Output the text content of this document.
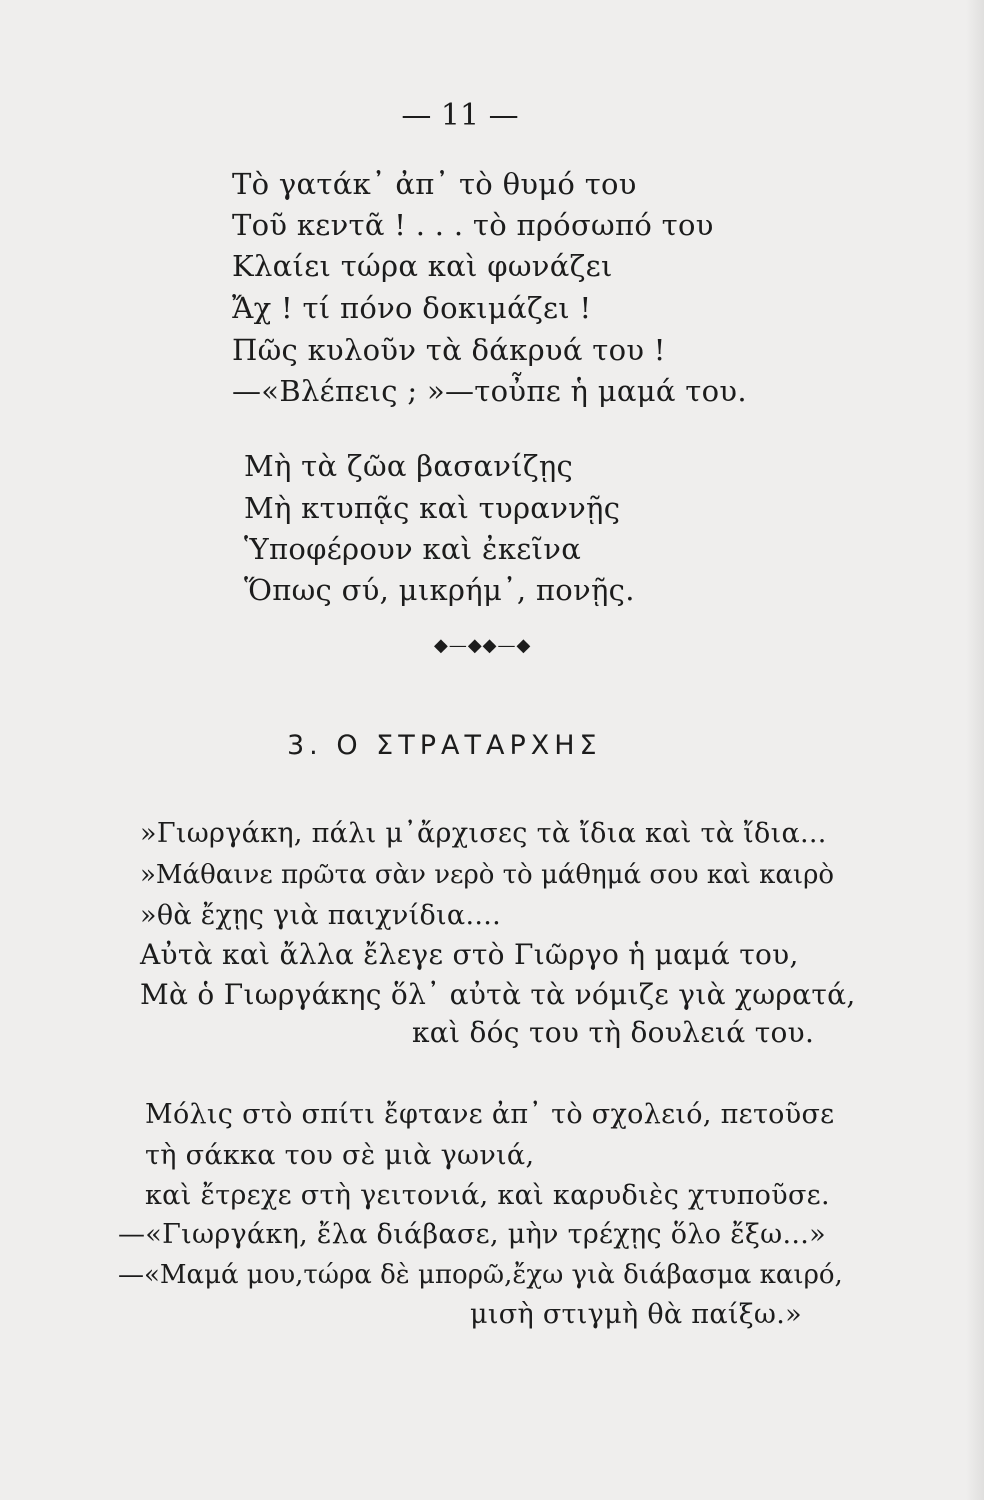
— 11 —
Τὸ γατάκ᾽ ἀπ᾽ τὸ θυμό του
Τοῦ κεντᾶ ! . . . τὸ πρόσωπό του
Κλαίει τώρα καὶ φωνάζει
Ἄχ ! τί πόνο δοκιμάζει !
Πῶς κυλοῦν τὰ δάκρυά του !
—«Βλέπεις ; »—τοὖπε ἡ μαμά του.
Μὴ τὰ ζῶα βασανίζῃς
Μὴ κτυπᾷς καὶ τυραννῇς
Ὑποφέρουν καὶ ἐκεῖνα
Ὅπως σύ, μικρήμ᾽, πονῇς.
◆—◆◆—◆
3. Ο ΣΤΡΑΤΑΡΧΗΣ
»Γιωργάκη, πάλι μ᾽ἄρχισες τὰ ἴδια καὶ τὰ ἴδια...
»Μάθαινε πρῶτα σὰν νερὸ τὸ μάθημά σου καὶ καιρὸ
»θὰ ἔχῃς γιὰ παιχνίδια....
Αὐτὰ καὶ ἄλλα ἔλεγε στὸ Γιῶργο ἡ μαμά του,
Μὰ ὁ Γιωργάκης ὅλ᾽ αὐτὰ τὰ νόμιζε γιὰ χωρατά,
καὶ δός του τὴ δουλειά του.
Μόλις στὸ σπίτι ἔφτανε ἀπ᾽ τὸ σχολειό, πετοῦσε
τὴ σάκκα του σὲ μιὰ γωνιά,
καὶ ἔτρεχε στὴ γειτονιά, καὶ καρυδιὲς χτυποῦσε.
—«Γιωργάκη, ἔλα διάβασε, μὴν τρέχῃς ὅλο ἔξω...»
—«Μαμά μου,τώρα δὲ μπορῶ,ἔχω γιὰ διάβασμα καιρό,
μισὴ στιγμὴ θὰ παίξω.»
